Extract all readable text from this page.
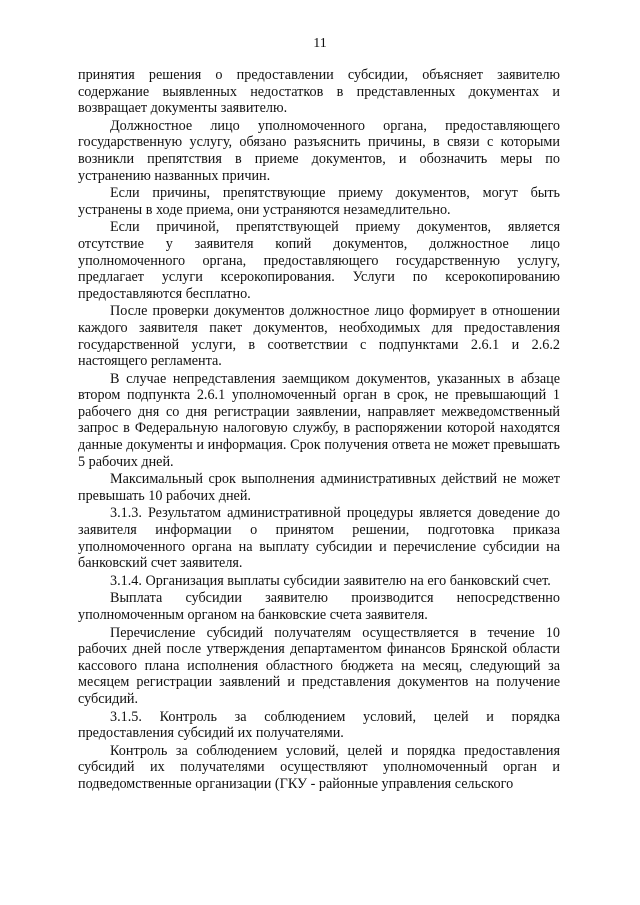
11

принятия решения о предоставлении субсидии, объясняет заявителю содержание выявленных недостатков в представленных документах и возвращает документы заявителю.

Должностное лицо уполномоченного органа, предоставляющего государственную услугу, обязано разъяснить причины, в связи с которыми возникли препятствия в приеме документов, и обозначить меры по устранению названных причин.

Если причины, препятствующие приему документов, могут быть устранены в ходе приема, они устраняются незамедлительно.

Если причиной, препятствующей приему документов, является отсутствие у заявителя копий документов, должностное лицо уполномоченного органа, предоставляющего государственную услугу, предлагает услуги ксерокопирования. Услуги по ксерокопированию предоставляются бесплатно.

После проверки документов должностное лицо формирует в отношении каждого заявителя пакет документов, необходимых для предоставления государственной услуги, в соответствии с подпунктами 2.6.1 и 2.6.2 настоящего регламента.

В случае непредставления заемщиком документов, указанных в абзаце втором подпункта 2.6.1 уполномоченный орган в срок, не превышающий 1 рабочего дня со дня регистрации заявлении, направляет межведомственный запрос в Федеральную налоговую службу, в распоряжении которой находятся данные документы и информация. Срок получения ответа не может превышать 5 рабочих дней.

Максимальный срок выполнения административных действий не может превышать 10 рабочих дней.

3.1.3. Результатом административной процедуры является доведение до заявителя информации о принятом решении, подготовка приказа уполномоченного органа на выплату субсидии и перечисление субсидии на банковский счет заявителя.

3.1.4. Организация выплаты субсидии заявителю на его банковский счет.

Выплата субсидии заявителю производится непосредственно уполномоченным органом на банковские счета заявителя.

Перечисление субсидий получателям осуществляется в течение 10 рабочих дней после утверждения департаментом финансов Брянской области кассового плана исполнения областного бюджета на месяц, следующий за месяцем регистрации заявлений и представления документов на получение субсидий.

3.1.5. Контроль за соблюдением условий, целей и порядка предоставления субсидий их получателями.

Контроль за соблюдением условий, целей и порядка предоставления субсидий их получателями осуществляют уполномоченный орган и подведомственные организации (ГКУ - районные управления сельского
